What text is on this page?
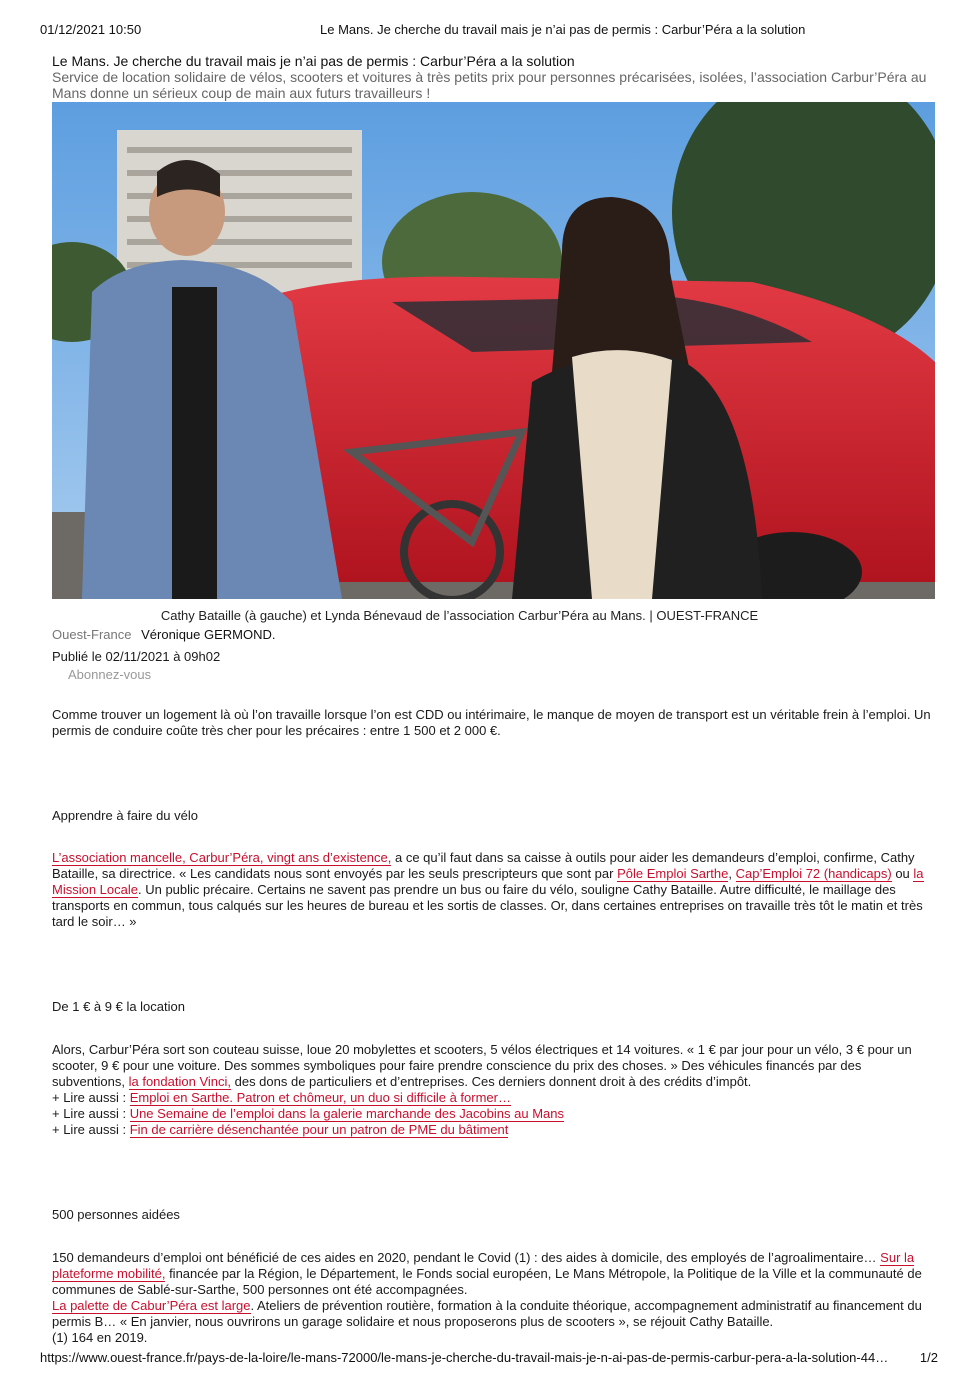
01/12/2021 10:50	Le Mans. Je cherche du travail mais je n’ai pas de permis : Carbur’Péra a la solution
Le Mans. Je cherche du travail mais je n’ai pas de permis : Carbur’Péra a la solution
Service de location solidaire de vélos, scooters et voitures à très petits prix pour personnes précarisées, isolées, l’association Carbur’Péra au Mans donne un sérieux coup de main aux futurs travailleurs !
Cathy Bataille (à gauche) et Lynda Bénevaud de l’association Carbur’Péra au Mans. | OUEST-FRANCE
Ouest-France Véronique GERMOND.
Publié le 02/11/2021 à 09h02
Abonnez-vous
Comme trouver un logement là où l’on travaille lorsque l’on est CDD ou intérimaire, le manque de moyen de transport est un véritable frein à l’emploi. Un permis de conduire coûte très cher pour les précaires : entre 1 500 et 2 000 €.
Apprendre à faire du vélo
L’association mancelle, Carbur’Péra, vingt ans d’existence, a ce qu’il faut dans sa caisse à outils pour aider les demandeurs d’emploi, confirme, Cathy Bataille, sa directrice. « Les candidats nous sont envoyés par les seuls prescripteurs que sont par Pôle Emploi Sarthe, Cap’Emploi 72 (handicaps) ou la Mission Locale. Un public précaire. Certains ne savent pas prendre un bus ou faire du vélo, souligne Cathy Bataille. Autre difficulté, le maillage des transports en commun, tous calqués sur les heures de bureau et les sortis de classes. Or, dans certaines entreprises on travaille très tôt le matin et très tard le soir… »
De 1 € à 9 € la location
Alors, Carbur’Péra sort son couteau suisse, loue 20 mobylettes et scooters, 5 vélos électriques et 14 voitures. « 1 € par jour pour un vélo, 3 € pour un scooter, 9 € pour une voiture. Des sommes symboliques pour faire prendre conscience du prix des choses. » Des véhicules financés par des subventions, la fondation Vinci, des dons de particuliers et d’entreprises. Ces derniers donnent droit à des crédits d’impôt.
+ Lire aussi : Emploi en Sarthe. Patron et chômeur, un duo si difficile à former…
+ Lire aussi : Une Semaine de l’emploi dans la galerie marchande des Jacobins au Mans
+ Lire aussi : Fin de carrière désenchantée pour un patron de PME du bâtiment
500 personnes aidées
150 demandeurs d’emploi ont bénéficié de ces aides en 2020, pendant le Covid (1) : des aides à domicile, des employés de l’agroalimentaire… Sur la plateforme mobilité, financée par la Région, le Département, le Fonds social européen, Le Mans Métropole, la Politique de la Ville et la communauté de communes de Sablé-sur-Sarthe, 500 personnes ont été accompagnées.
La palette de Cabur’Péra est large. Ateliers de prévention routière, formation à la conduite théorique, accompagnement administratif au financement du permis B… « En janvier, nous ouvrirons un garage solidaire et nous proposerons plus de scooters », se réjouit Cathy Bataille.
(1) 164 en 2019.
https://www.ouest-france.fr/pays-de-la-loire/le-mans-72000/le-mans-je-cherche-du-travail-mais-je-n-ai-pas-de-permis-carbur-pera-a-la-solution-44… 1/2
